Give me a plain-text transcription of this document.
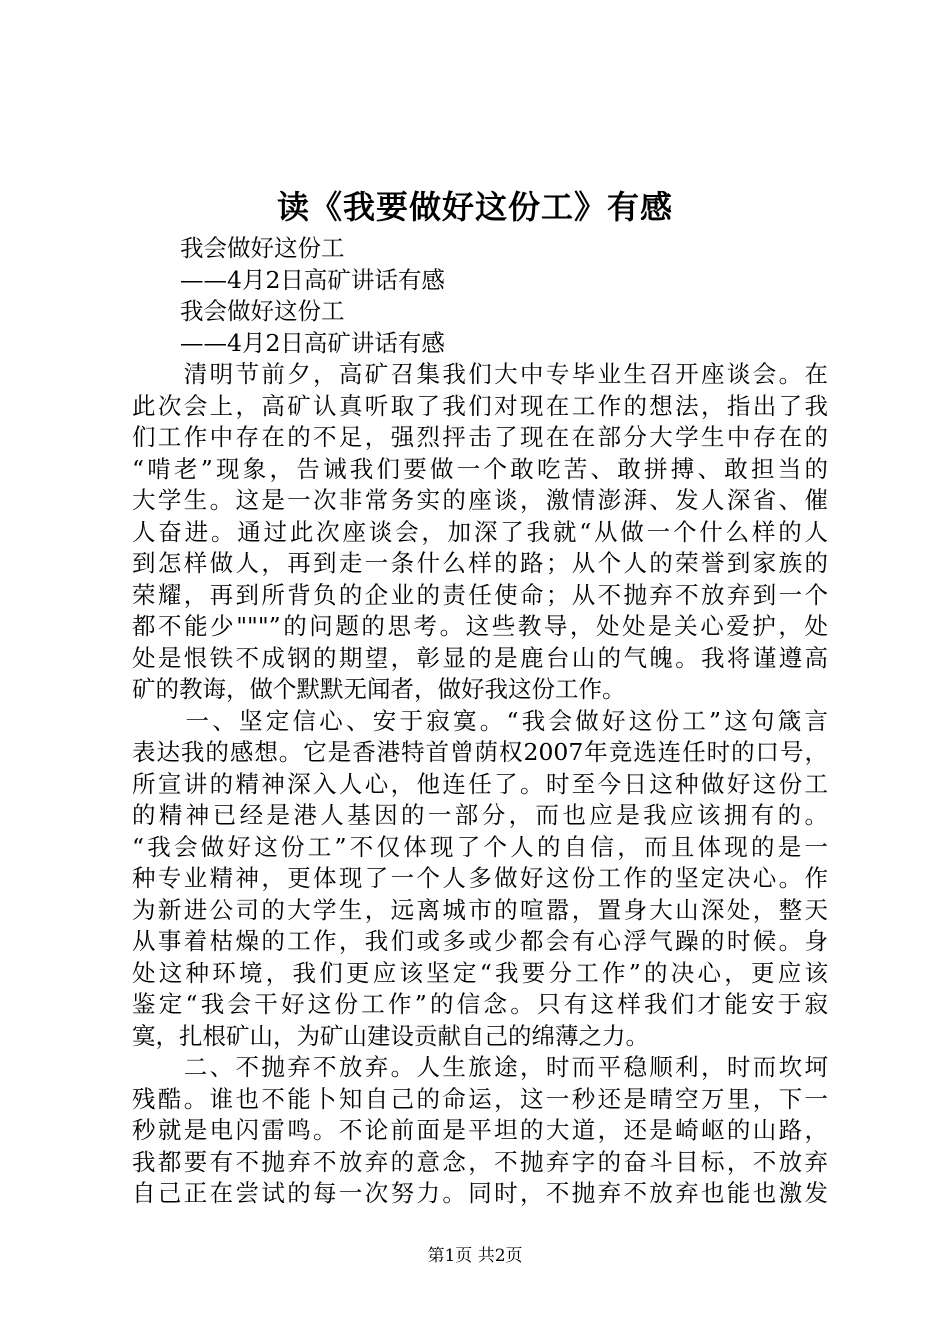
读《我要做好这份工》有感
我会做好这份工
——4月2日高矿讲话有感
我会做好这份工
——4月2日高矿讲话有感
　　清明节前夕，高矿召集我们大中专毕业生召开座谈会。在
此次会上，高矿认真听取了我们对现在工作的想法，指出了我
们工作中存在的不足，强烈抨击了现在在部分大学生中存在的
“啃老”现象，告诫我们要做一个敢吃苦、敢拼搏、敢担当的
大学生。这是一次非常务实的座谈，激情澎湃、发人深省、催
人奋进。通过此次座谈会，加深了我就“从做一个什么样的人
到怎样做人，再到走一条什么样的路；从个人的荣誉到家族的
荣耀，再到所背负的企业的责任使命；从不抛弃不放弃到一个
都不能少"""”的问题的思考。这些教导，处处是关心爱护，处
处是恨铁不成钢的期望，彰显的是鹿台山的气魄。我将谨遵高
矿的教诲，做个默默无闻者，做好我这份工作。
　　一、坚定信心、安于寂寞。“我会做好这份工”这句箴言
表达我的感想。它是香港特首曾荫权2007年竞选连任时的口号，
所宣讲的精神深入人心，他连任了。时至今日这种做好这份工
的精神已经是港人基因的一部分，而也应是我应该拥有的。
“我会做好这份工”不仅体现了个人的自信，而且体现的是一
种专业精神，更体现了一个人多做好这份工作的坚定决心。作
为新进公司的大学生，远离城市的喧嚣，置身大山深处，整天
从事着枯燥的工作，我们或多或少都会有心浮气躁的时候。身
处这种环境，我们更应该坚定“我要分工作”的决心，更应该
鉴定“我会干好这份工作”的信念。只有这样我们才能安于寂
寞，扎根矿山，为矿山建设贡献自己的绵薄之力。
　　二、不抛弃不放弃。人生旅途，时而平稳顺利，时而坎坷
残酷。谁也不能卜知自己的命运，这一秒还是晴空万里，下一
秒就是电闪雷鸣。不论前面是平坦的大道，还是崎岖的山路，
我都要有不抛弃不放弃的意念，不抛弃字的奋斗目标，不放弃
自己正在尝试的每一次努力。同时，不抛弃不放弃也能也激发
第1页 共2页
